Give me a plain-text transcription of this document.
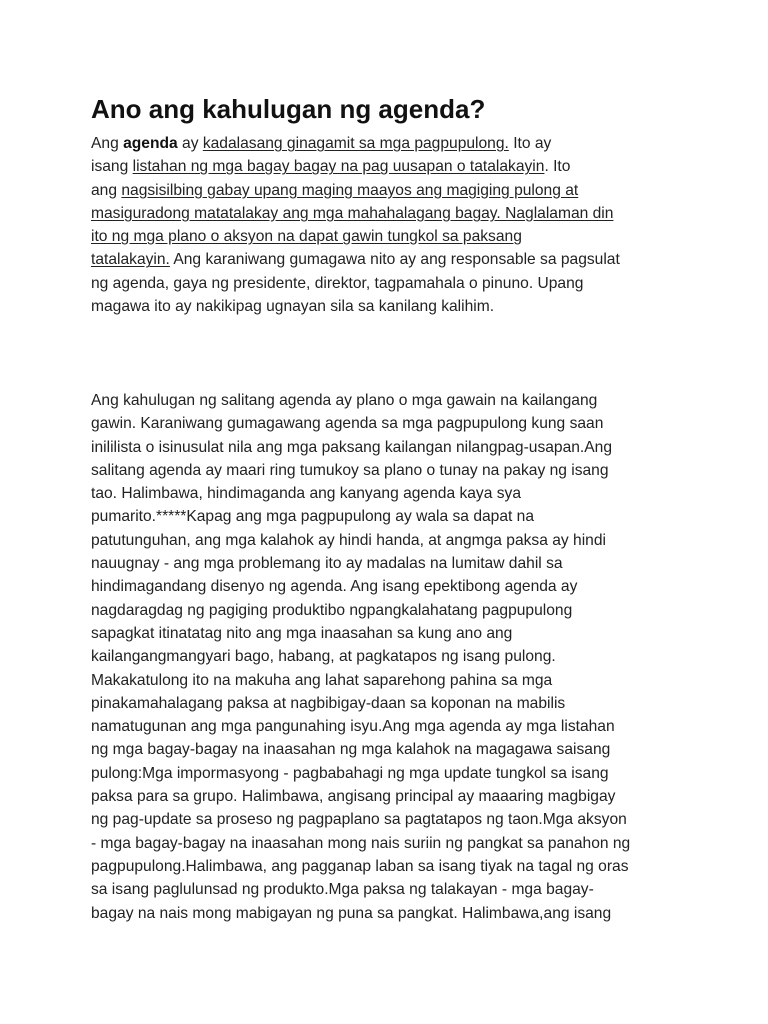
Ano ang kahulugan ng agenda?
Ang agenda ay kadalasang ginagamit sa mga pagpupulong. Ito ay
isang listahan ng mga bagay bagay na pag uusapan o tatalakayin. Ito
ang nagsisilbing gabay upang maging maayos ang magiging pulong at
masiguradong matatalakay ang mga mahahalagang bagay. Naglalaman din
ito ng mga plano o aksyon na dapat gawin tungkol sa paksang
tatalakayin. Ang karaniwang gumagawa nito ay ang responsable sa pagsulat
ng agenda, gaya ng presidente, direktor, tagpamahala o pinuno. Upang
magawa ito ay nakikipag ugnayan sila sa kanilang kalihim.
Ang kahulugan ng salitang agenda ay plano o mga gawain na kailangang
gawin. Karaniwang gumagawang agenda sa mga pagpupulong kung saan
inililista o isinusulat nila ang mga paksang kailangan nilangpag-usapan.Ang
salitang agenda ay maari ring tumukoy sa plano o tunay na pakay ng isang
tao. Halimbawa, hindimaganda ang kanyang agenda kaya sya
pumarito.*****Kapag ang mga pagpupulong ay wala sa dapat na
patutunguhan, ang mga kalahok ay hindi handa, at angmga paksa ay hindi
nauugnay - ang mga problemang ito ay madalas na lumitaw dahil sa
hindimagandang disenyo ng agenda. Ang isang epektibong agenda ay
nagdaragdag ng pagiging produktibo ngpangkalahatang pagpupulong
sapagkat itinatatag nito ang mga inaasahan sa kung ano ang
kailangangmangyari bago, habang, at pagkatapos ng isang pulong.
Makakatulong ito na makuha ang lahat saparehong pahina sa mga
pinakamahalagang paksa at nagbibigay-daan sa koponan na mabilis
namatugunan ang mga pangunahing isyu.Ang mga agenda ay mga listahan
ng mga bagay-bagay na inaasahan ng mga kalahok na magagawa saisang
pulong:Mga impormasyong - pagbabahagi ng mga update tungkol sa isang
paksa para sa grupo. Halimbawa, angisang principal ay maaaring magbigay
ng pag-update sa proseso ng pagpaplano sa pagtatapos ng taon.Mga aksyon
- mga bagay-bagay na inaasahan mong nais suriin ng pangkat sa panahon ng
pagpupulong.Halimbawa, ang pagganap laban sa isang tiyak na tagal ng oras
sa isang paglulunsad ng produkto.Mga paksa ng talakayan - mga bagay-
bagay na nais mong mabigayan ng puna sa pangkat. Halimbawa,ang isang
